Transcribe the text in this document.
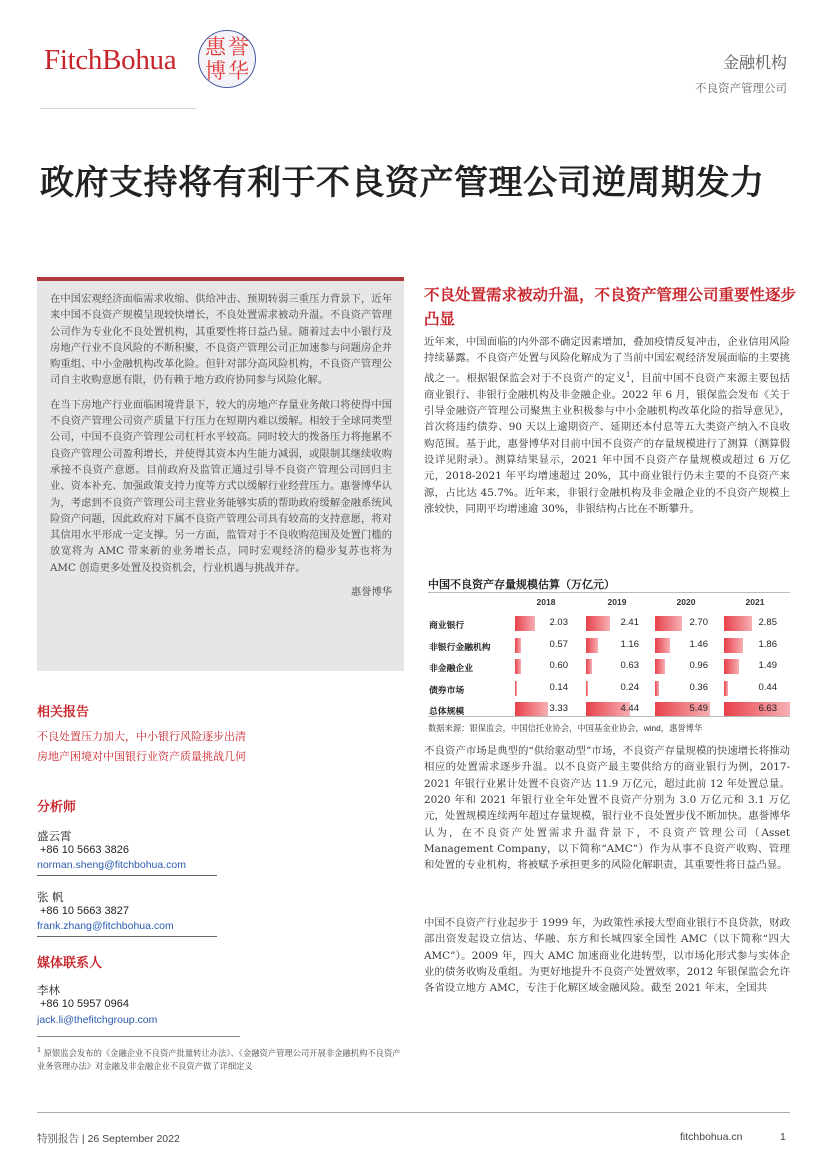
FitchBohua 惠 誉
博 华	金融机构
不良资产管理公司
政府支持将有利于不良资产管理公司逆周期发力

在中国宏观经济面临需求收缩、供给冲击、预期转弱三重压力背景下，近年来中国不良资产规模呈现较快增长，不良处置需求被动升温。不良资产管理公司作为专业化不良处置机构，其重要性将日益凸显。随着过去中小银行及房地产行业不良风险的不断积聚，不良资产管理公司正加速参与问题房企并购重组、中小金融机构改革化险。但针对部分高风险机构，不良资产管理公司自主收购意愿有限，仍有赖于地方政府协同参与风险化解。

在当下房地产行业面临困境背景下，较大的房地产存量业务敞口将使得中国不良资产管理公司资产质量下行压力在短期内难以缓解。相较于全球同类型公司，中国不良资产管理公司杠杆水平较高。同时较大的拨备压力将拖累不良资产管理公司盈利增长，并使得其资本内生能力减弱，或限制其继续收购承接不良资产意愿。目前政府及监管正通过引导不良资产管理公司回归主业、资本补充、加强政策支持力度等方式以缓解行业经营压力。惠誉博华认为，考虑到不良资产管理公司主营业务能够实质的帮助政府缓解金融系统风险资产问题，因此政府对下属不良资产管理公司具有较高的支持意愿，将对其信用水平形成一定支撑。另一方面，监管对于不良收购范围及处置门槛的放宽将为 AMC 带来新的业务增长点，同时宏观经济的稳步复苏也将为 AMC 创造更多处置及投资机会，行业机遇与挑战并存。

惠誉博华

相关报告
不良处置压力加大，中小银行风险逐步出清
房地产困境对中国银行业资产质量挑战几何
分析师
盛云霄
+86 10 5663 3826
norman.sheng@fitchbohua.com
张 帆
+86 10 5663 3827
frank.zhang@fitchbohua.com
媒体联系人
李林
+86 10 5957 0964
jack.li@thefitchgroup.com
$^1$ 原银监会发布的《金融企业不良资产批量转让办法》、《金融资产管理公司开展非金融机构不良资产业务管理办法》对金融及非金融企业不良资产做了详细定义
不良处置需求被动升温，不良资产管理公司重要性逐步凸显

近年来，中国面临的内外部不确定因素增加，叠加疫情反复冲击，企业信用风险持续暴露。不良资产处置与风险化解成为了当前中国宏观经济发展面临的主要挑战之一。根据银保监会对于不良资产的定义$^1$，目前中国不良资产来源主要包括商业银行、非银行金融机构及非金融企业。2022 年 6 月，银保监会发布《关于引导金融资产管理公司聚焦主业积极参与中小金融机构改革化险的指导意见》，首次将违约债券、90 天以上逾期资产、延期还本付息等五大类资产纳入不良收购范围。基于此，惠誉博华对目前中国不良资产的存量规模进行了测算（测算假设详见附录）。测算结果显示，2021 年中国不良资产存量规模或超过 6 万亿元，2018-2021 年平均增速超过 20%，其中商业银行仍未主要的不良资产来源，占比达 45.7%。近年来，非银行金融机构及非金融企业的不良资产规模上涨较快，同期平均增速逾 30%，非银结构占比在不断攀升。

中国不良资产存量规模估算（万亿元）
2018	2019	2020	2021
商业银行	2.03	2.41	2.70	2.85
非银行金融机构	0.57	1.16	1.46	1.86
非金融企业	0.60	0.63	0.96	1.49
债券市场	0.14	0.24	0.36	0.44
总体规模	3.33	4.44	5.49	6.63
数据来源：银保监会，中国信托业协会，中国基金业协会，wind，惠誉博华

不良资产市场是典型的“供给驱动型”市场，不良资产存量规模的快速增长将推动相应的处置需求逐步升温。以不良资产最主要供给方的商业银行为例，2017-2021 年银行业累计处置不良资产达 11.9 万亿元，超过此前 12 年处置总量。2020 年和 2021 年银行业全年处置不良资产分别为 3.0 万亿元和 3.1 万亿元，处置规模连续两年超过存量规模，银行业不良处置步伐不断加快。惠誉博华认为，在不良资产处置需求升温背景下，不良资产管理公司（Asset Management Company，以下简称“AMC”）作为从事不良资产收购、管理和处置的专业机构，将被赋予承担更多的风险化解职责，其重要性将日益凸显。

中国不良资产行业起步于 1999 年，为政策性承接大型商业银行不良贷款，财政部出资发起设立信达、华融、东方和长城四家全国性 AMC（以下简称“四大 AMC”）。2009 年，四大 AMC 加速商业化进转型，以市场化形式参与实体企业的债务收购及重组。为更好地提升不良资产处置效率，2012 年银保监会允许各省设立地方 AMC，专注于化解区域金融风险。截至 2021 年末，全国共

特别报告 | 26 September 2022	fitchbohua.cn	1
